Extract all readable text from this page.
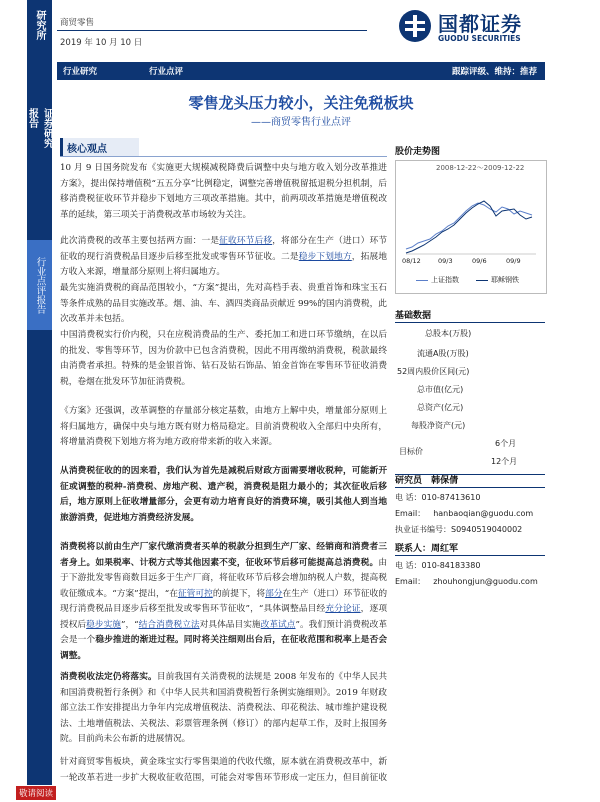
研究所
证券研究报告
行业点评报告
商贸零售
2019 年 10 月 10 日
国都证券
GUODU SECURITIES
行业研究	行业点评	跟踪评级、维持：推荐
零售龙头压力较小，关注免税板块
——商贸零售行业点评
核心观点

10 月 9 日国务院发布《实施更大规模减税降费后调整中央与地方收入划分改革推进方案》，提出保持增值税“五五分享”比例稳定，调整完善增值税留抵退税分担机制，后移消费税征收环节并稳步下划地方三项改革措施。其中，前两项改革措施是增值税改革的延续，第三项关于消费税改革市场较为关注。

此次消费税的改革主要包括两方面：一是征收环节后移，将部分在生产（进口）环节征收的现行消费税品目逐步后移至批发或零售环节征收。二是稳步下划地方，拓展地方收入来源，增量部分原则上将归属地方。

最先实施消费税的商品范围较小，“方案”提出，先对高档手表、贵重首饰和珠宝玉石等条件成熟的品目实施改革。烟、油、车、酒四类商品贡献近 99%的国内消费税，此次改革并未包括。

中国消费税实行价内税，只在应税消费品的生产、委托加工和进口环节缴纳，在以后的批发、零售等环节，因为价款中已包含消费税，因此不用再缴纳消费税，税款最终由消费者承担。特殊的是金银首饰、钻石及钻石饰品、铂金首饰在零售环节征收消费税，卷烟在批发环节加征消费税。

《方案》还强调，改革调整的存量部分核定基数，由地方上解中央，增量部分原则上将归属地方，确保中央与地方既有财力格局稳定。目前消费税收入全部归中央所有，将增量消费税下划地方将为地方政府带来新的收入来源。

从消费税征收的的因来看，我们认为首先是减税后财政方面需要增收税种，可能新开征或调整的税种-消费税、房地产税、遗产税，消费税是阻力最小的；其次征收后移后，地方原则上征收增量部分，会更有动力培育良好的消费环境，吸引其他人到当地旅游消费，促进地方消费经济发展。

消费税将以前由生产厂家代缴消费者买单的税款分担到生产厂家、经销商和消费者三者身上。如果税率、计税方式等其他因素不变，征收环节后移可能提高总消费税。由于下游批发零售商数目远多于生产厂商，将征收环节后移会增加纳税人户数，提高税收征缴成本。“方案”提出，“在征管可控的前提下，将部分在生产（进口）环节征收的现行消费税品目逐步后移至批发或零售环节征收”，“具体调整品目经充分论证，逐项授权后稳步实施”，“结合消费税立法对具体品目实施改革试点”。我们预计消费税改革会是一个稳步推进的渐进过程。同时将关注细则出台后，在征收范围和税率上是否会调整。

消费税收法定仍将落实。目前我国有关消费税的法规是 2008 年发布的《中华人民共和国消费税暂行条例》和《中华人民共和国消费税暂行条例实施细则》。2019 年财政部立法工作安排提出力争年内完成增值税法、消费税法、印花税法、城市维护建设税法、土地增值税法、关税法、彩票管理条例（修订）的部内起草工作，及时上报国务院。目前尚未公布新的进展情况。

针对商贸零售板块，黄金珠宝实行零售渠道的代收代缴，原本就在消费税改革中，新一轮改革若进一步扩大税收征收范围，可能会对零售环节形成一定压力，但目前征收

股价走势图
2008-12-22～2009-12-22
08/12	09/3	09/6	09/9
上证指数	耶稣钢铁
基础数据
总股本(万股)
流通A股(万股)
52周内股价区间(元)
总市值(亿元)
总资产(亿元)
每股净资产(元)
6个月
目标价
12个月
研究员 韩保倩
电 话：010-87413610
Email： hanbaoqian@guodu.com
执业证书编号：S0940519040002
联系人：周红军
电 话：010-84183380
Email： zhouhongjun@guodu.com
敬请阅读
